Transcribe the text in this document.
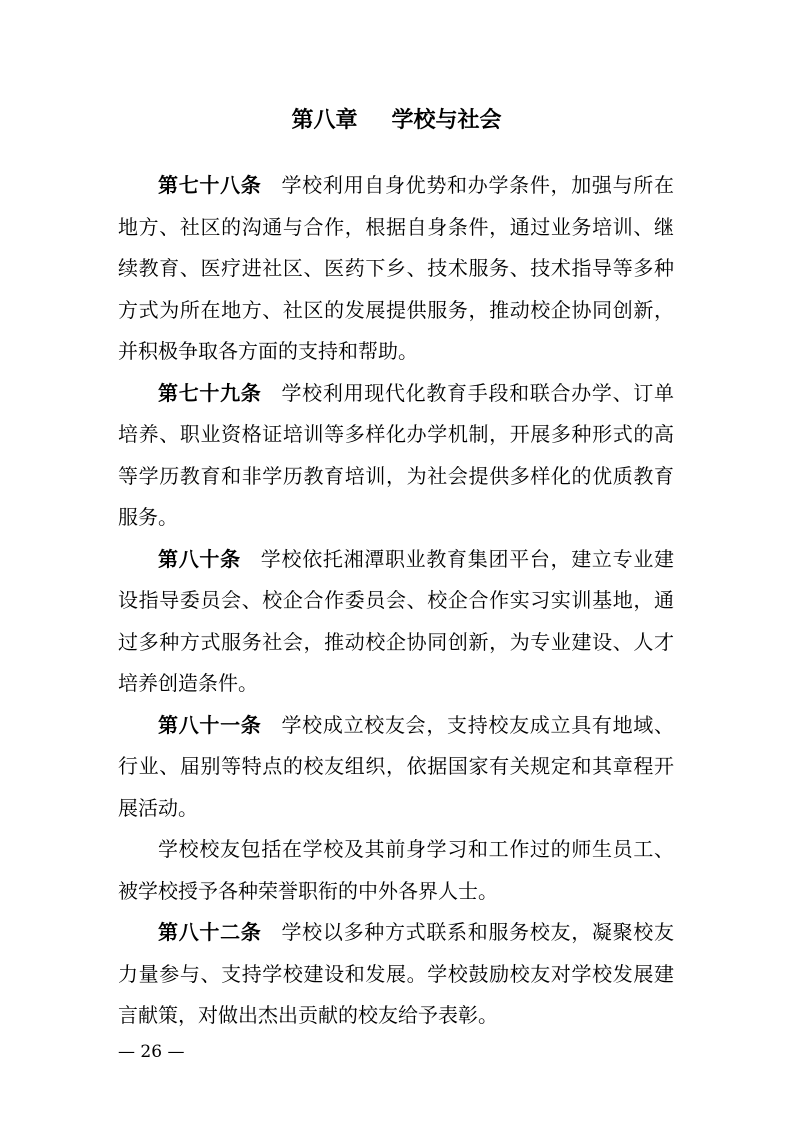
第八章 学校与社会

第七十八条 学校利用自身优势和办学条件，加强与所在地方、社区的沟通与合作，根据自身条件，通过业务培训、继续教育、医疗进社区、医药下乡、技术服务、技术指导等多种方式为所在地方、社区的发展提供服务，推动校企协同创新，并积极争取各方面的支持和帮助。

第七十九条 学校利用现代化教育手段和联合办学、订单培养、职业资格证培训等多样化办学机制，开展多种形式的高等学历教育和非学历教育培训，为社会提供多样化的优质教育服务。

第八十条 学校依托湘潭职业教育集团平台，建立专业建设指导委员会、校企合作委员会、校企合作实习实训基地，通过多种方式服务社会，推动校企协同创新，为专业建设、人才培养创造条件。

第八十一条 学校成立校友会，支持校友成立具有地域、行业、届别等特点的校友组织，依据国家有关规定和其章程开展活动。

学校校友包括在学校及其前身学习和工作过的师生员工、被学校授予各种荣誉职衔的中外各界人士。

第八十二条 学校以多种方式联系和服务校友，凝聚校友力量参与、支持学校建设和发展。学校鼓励校友对学校发展建言献策，对做出杰出贡献的校友给予表彰。

— 26 —
